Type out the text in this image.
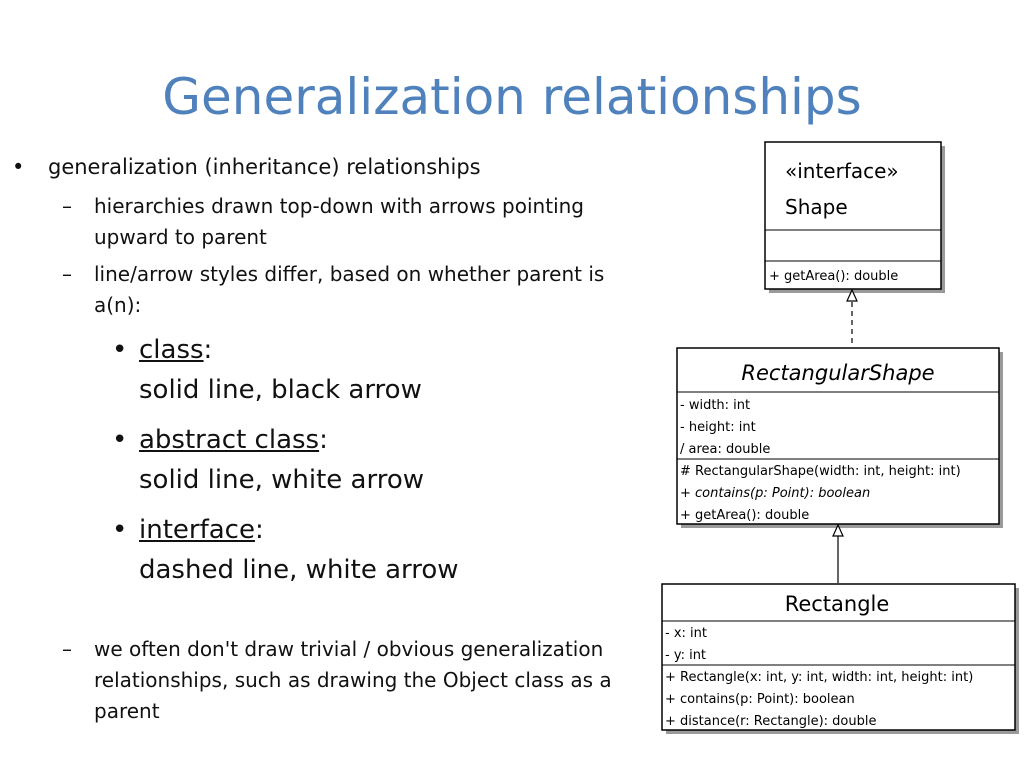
Generalization relationships
• generalization (inheritance) relationships
– hierarchies drawn top-down with arrows pointing
upward to parent
– line/arrow styles differ, based on whether parent is
a(n):
• class:
solid line, black arrow
• abstract class:
solid line, white arrow
• interface:
dashed line, white arrow
– we often don't draw trivial / obvious generalization
relationships, such as drawing the Object class as a
parent
«interface»
Shape
+ getArea(): double
RectangularShape
- width: int
- height: int
/ area: double
# RectangularShape(width: int, height: int)
+ contains(p: Point): boolean
+ getArea(): double
Rectangle
- x: int
- y: int
+ Rectangle(x: int, y: int, width: int, height: int)
+ contains(p: Point): boolean
+ distance(r: Rectangle): double
